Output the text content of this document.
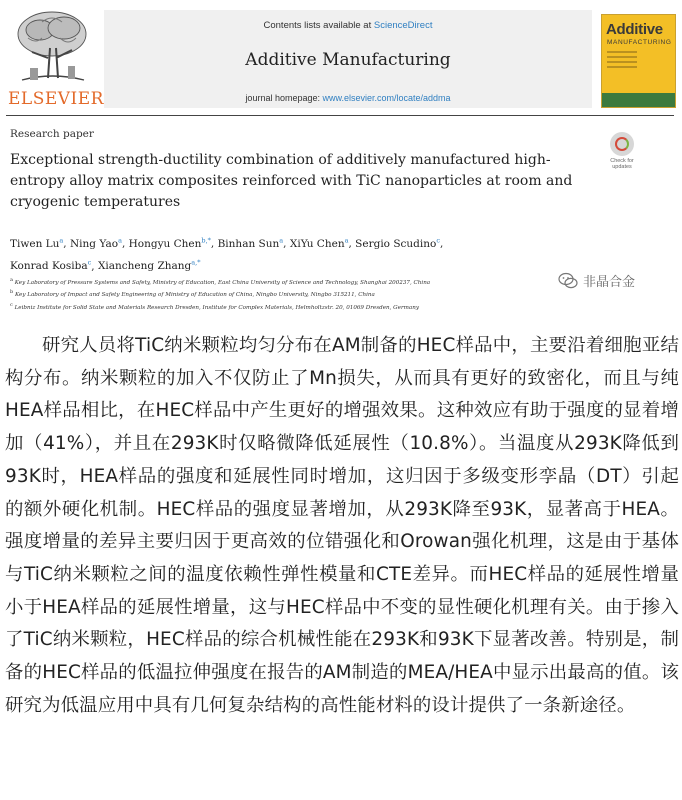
ELSEVIER
Contents lists available at ScienceDirect
Additive Manufacturing
journal homepage: www.elsevier.com/locate/addma
Additive
MANUFACTURING
Research paper
Exceptional strength-ductility combination of additively manufactured high-entropy alloy matrix composites reinforced with TiC nanoparticles at room and cryogenic temperatures
Check for updates
Tiwen Lu$^a$, Ning Yao$^a$, Hongyu Chen$^{b,*}$, Binhan Sun$^a$, XiYu Chen$^a$, Sergio Scudino$^c$,
Konrad Kosiba$^c$, Xiancheng Zhang$^{a,*}$
$^a$ Key Laboratory of Pressure Systems and Safety, Ministry of Education, East China University of Science and Technology, Shanghai 200237, China
$^b$ Key Laboratory of Impact and Safety Engineering of Ministry of Education of China, Ningbo University, Ningbo 315211, China
$^c$ Leibniz Institute for Solid State and Materials Research Dresden, Institute for Complex Materials, Helmholtzstr. 20, 01069 Dresden, Germany
非晶合金

研究人员将TiC纳米颗粒均匀分布在AM制备的HEC样品中，主要沿着细胞亚结构分布。纳米颗粒的加入不仅防止了Mn损失，从而具有更好的致密化，而且与纯HEA样品相比，在HEC样品中产生更好的增强效果。这种效应有助于强度的显着增加（41%），并且在293K时仅略微降低延展性（10.8%）。当温度从293K降低到93K时，HEA样品的强度和延展性同时增加，这归因于多级变形孪晶（DT）引起的额外硬化机制。HEC样品的强度显著增加，从293K降至93K，显著高于HEA。强度增量的差异主要归因于更高效的位错强化和Orowan强化机理，这是由于基体与TiC纳米颗粒之间的温度依赖性弹性模量和CTE差异。而HEC样品的延展性增量小于HEA样品的延展性增量，这与HEC样品中不变的显性硬化机理有关。由于掺入了TiC纳米颗粒，HEC样品的综合机械性能在293K和93K下显著改善。特别是，制备的HEC样品的低温拉伸强度在报告的AM制造的MEA/HEA中显示出最高的值。该研究为低温应用中具有几何复杂结构的高性能材料的设计提供了一条新途径。
